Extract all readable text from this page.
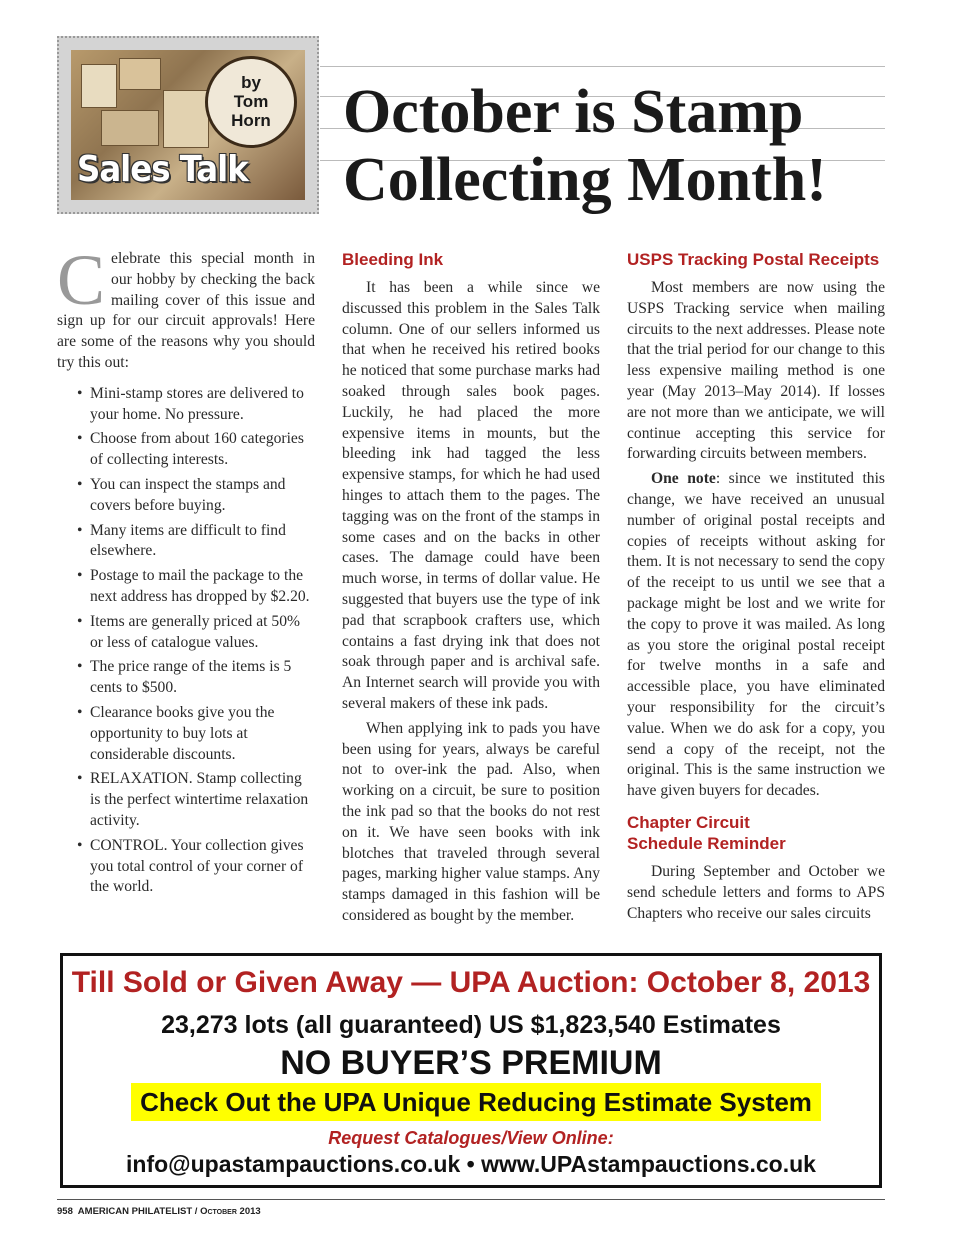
by
Tom
Horn
Sales Talk
October is Stamp
Collecting Month!

Celebrate this special month in our hobby by checking the back mailing cover of this issue and sign up for our circuit approvals! Here are some of the reasons why you should try this out:

• Mini-stamp stores are delivered to your home. No pressure.
• Choose from about 160 categories of collecting interests.
• You can inspect the stamps and covers before buying.
• Many items are difficult to find elsewhere.
• Postage to mail the package to the next address has dropped by $2.20.
• Items are generally priced at 50% or less of catalogue values.
• The price range of the items is 5 cents to $500.
• Clearance books give you the opportunity to buy lots at considerable discounts.
• RELAXATION. Stamp collecting is the perfect wintertime relaxation activity.
• CONTROL. Your collection gives you total control of your corner of the world.
Bleeding Ink

It has been a while since we discussed this problem in the Sales Talk column. One of our sellers informed us that when he received his retired books he noticed that some purchase marks had soaked through sales book pages. Luckily, he had placed the more expensive items in mounts, but the bleeding ink had tagged the less expensive stamps, for which he had used hinges to attach them to the pages. The tagging was on the front of the stamps in some cases and on the backs in other cases. The damage could have been much worse, in terms of dollar value. He suggested that buyers use the type of ink pad that scrapbook crafters use, which contains a fast drying ink that does not soak through paper and is archival safe. An Internet search will provide you with several makers of these ink pads.

When applying ink to pads you have been using for years, always be careful not to over-ink the pad. Also, when working on a circuit, be sure to position the ink pad so that the books do not rest on it. We have seen books with ink blotches that traveled through several pages, marking higher value stamps. Any stamps damaged in this fashion will be considered as bought by the member.

USPS Tracking Postal Receipts

Most members are now using the USPS Tracking service when mailing circuits to the next addresses. Please note that the trial period for our change to this less expensive mailing method is one year (May 2013–May 2014). If losses are not more than we anticipate, we will continue accepting this service for forwarding circuits between members.

One note: since we instituted this change, we have received an unusual number of original postal receipts and copies of receipts without asking for them. It is not necessary to send the copy of the receipt to us until we see that a package might be lost and we write for the copy to prove it was mailed. As long as you store the original postal receipt for twelve months in a safe and accessible place, you have eliminated your responsibility for the circuit’s value. When we do ask for a copy, you send a copy of the receipt, not the original. This is the same instruction we have given buyers for decades.

Chapter Circuit
Schedule Reminder

During September and October we send schedule letters and forms to APS Chapters who receive our sales circuits

Till Sold or Given Away — UPA Auction: October 8, 2013
23,273 lots (all guaranteed) US $1,823,540 Estimates
NO BUYER’S PREMIUM
Check Out the UPA Unique Reducing Estimate System
Request Catalogues/View Online:
info@upastampauctions.co.uk • www.UPAstampauctions.co.uk
958 AMERICAN PHILATELIST / October 2013
